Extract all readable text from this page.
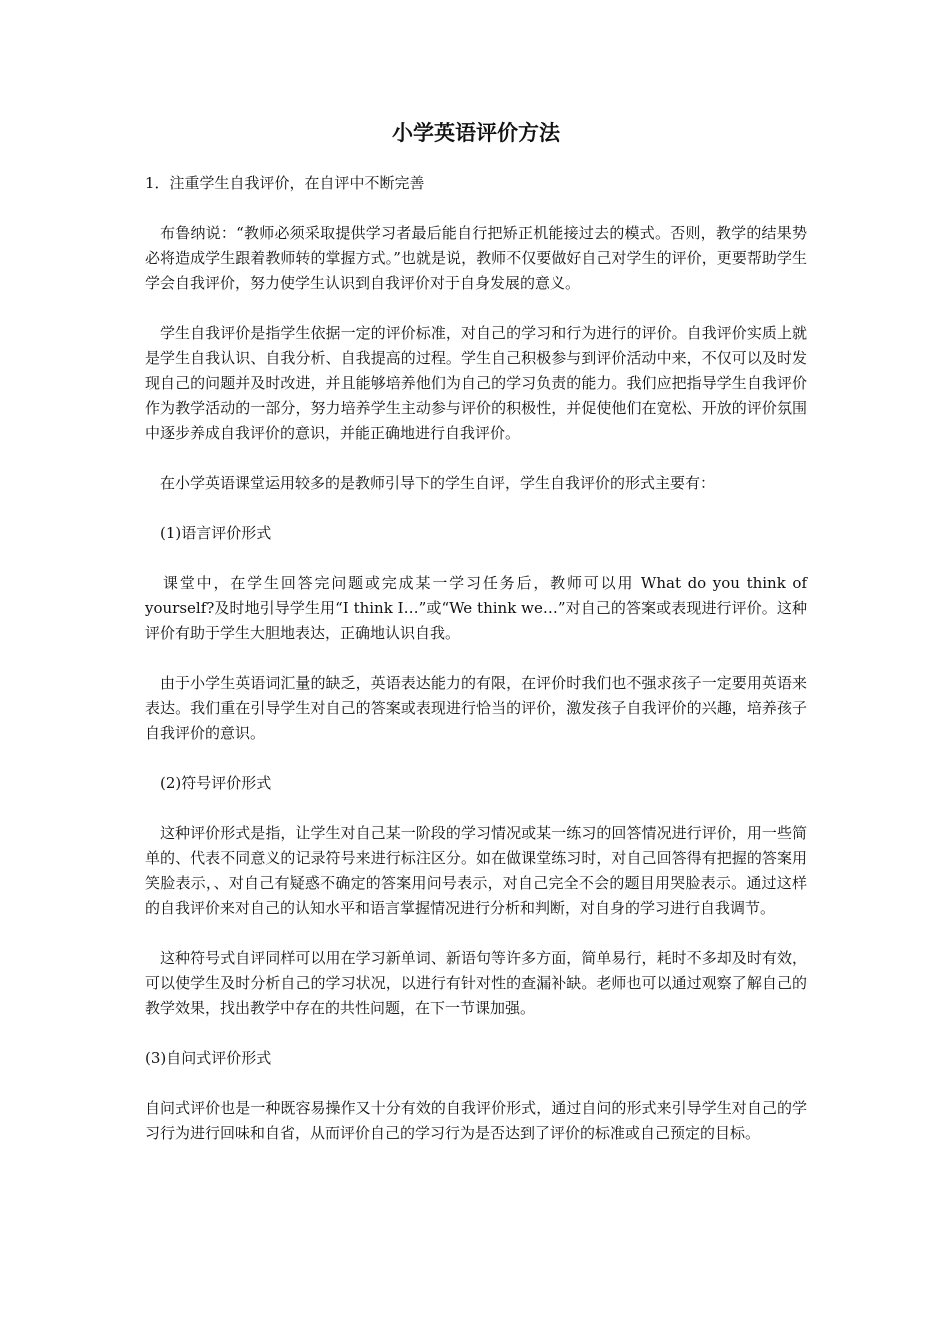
小学英语评价方法
1．注重学生自我评价，在自评中不断完善
布鲁纳说：“教师必须采取提供学习者最后能自行把矫正机能接过去的模式。否则，教学的结果势必将造成学生跟着教师转的掌握方式。”也就是说，教师不仅要做好自己对学生的评价，更要帮助学生学会自我评价，努力使学生认识到自我评价对于自身发展的意义。
学生自我评价是指学生依据一定的评价标准，对自己的学习和行为进行的评价。自我评价实质上就是学生自我认识、自我分析、自我提高的过程。学生自己积极参与到评价活动中来，不仅可以及时发现自己的问题并及时改进，并且能够培养他们为自己的学习负责的能力。我们应把指导学生自我评价作为教学活动的一部分，努力培养学生主动参与评价的积极性，并促使他们在宽松、开放的评价氛围中逐步养成自我评价的意识，并能正确地进行自我评价。
在小学英语课堂运用较多的是教师引导下的学生自评，学生自我评价的形式主要有：
(1)语言评价形式
课堂中，在学生回答完问题或完成某一学习任务后，教师可以用 What do you think of yourself?及时地引导学生用“I think I…”或“We think we…”对自己的答案或表现进行评价。这种评价有助于学生大胆地表达，正确地认识自我。
由于小学生英语词汇量的缺乏，英语表达能力的有限，在评价时我们也不强求孩子一定要用英语来表达。我们重在引导学生对自己的答案或表现进行恰当的评价，激发孩子自我评价的兴趣，培养孩子自我评价的意识。
(2)符号评价形式
这种评价形式是指，让学生对自己某一阶段的学习情况或某一练习的回答情况进行评价，用一些简单的、代表不同意义的记录符号来进行标注区分。如在做课堂练习时，对自己回答得有把握的答案用笑脸表示，、对自己有疑惑不确定的答案用问号表示，对自己完全不会的题目用哭脸表示。通过这样的自我评价来对自己的认知水平和语言掌握情况进行分析和判断，对自身的学习进行自我调节。
这种符号式自评同样可以用在学习新单词、新语句等许多方面，简单易行，耗时不多却及时有效，可以使学生及时分析自己的学习状况，以进行有针对性的查漏补缺。老师也可以通过观察了解自己的教学效果，找出教学中存在的共性问题，在下一节课加强。
(3)自问式评价形式
自问式评价也是一种既容易操作又十分有效的自我评价形式，通过自问的形式来引导学生对自己的学习行为进行回味和自省，从而评价自己的学习行为是否达到了评价的标准或自己预定的目标。
